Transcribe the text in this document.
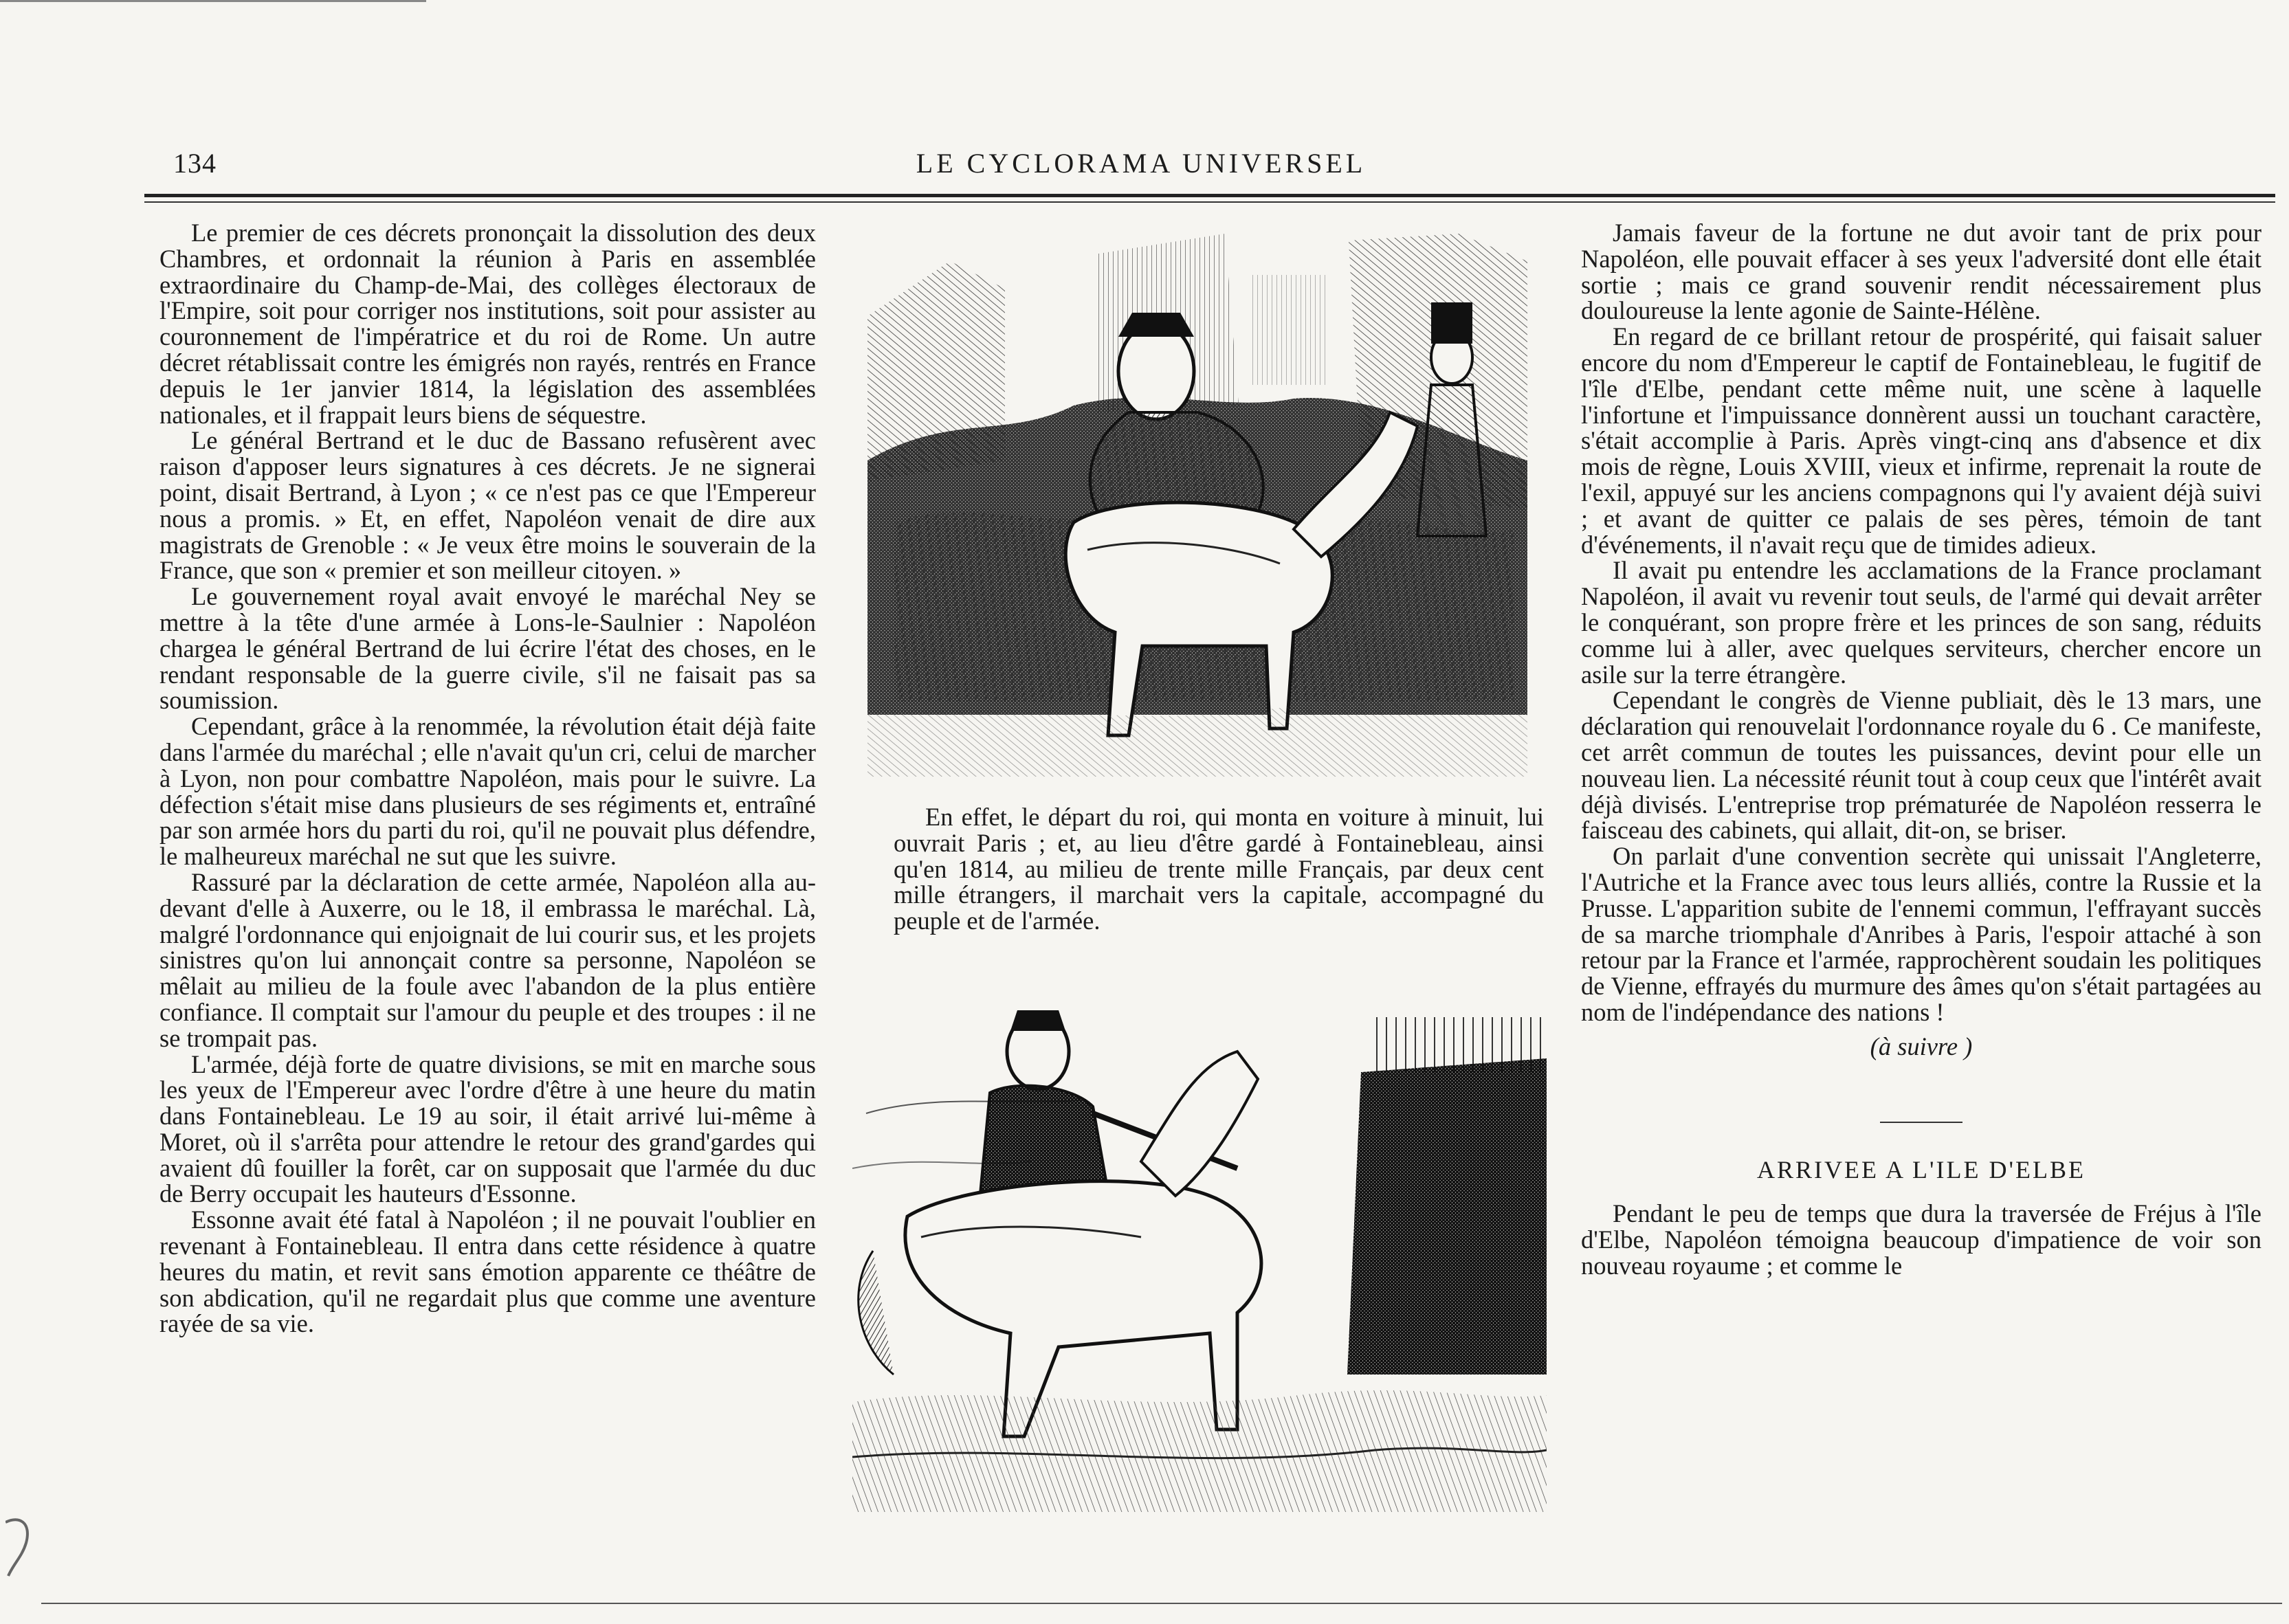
134	LE CYCLORAMA UNIVERSEL

Le premier de ces décrets prononçait la dissolution des deux Chambres, et ordonnait la réunion à Paris en assemblée extraordinaire du Champ-de-Mai, des collèges électoraux de l'Empire, soit pour corriger nos institutions, soit pour assister au couronnement de l'impératrice et du roi de Rome. Un autre décret rétablissait contre les émigrés non rayés, rentrés en France depuis le 1er janvier 1814, la législation des assemblées nationales, et il frappait leurs biens de séquestre.

Le général Bertrand et le duc de Bassano refusèrent avec raison d'apposer leurs signatures à ces décrets. Je ne signerai point, disait Bertrand, à Lyon ; « ce n'est pas ce que l'Empereur nous a promis. » Et, en effet, Napoléon venait de dire aux magistrats de Grenoble : « Je veux être moins le souverain de la France, que son « premier et son meilleur citoyen. »

Le gouvernement royal avait envoyé le maréchal Ney se mettre à la tête d'une armée à Lons-le-Saulnier : Napoléon chargea le général Bertrand de lui écrire l'état des choses, en le rendant responsable de la guerre civile, s'il ne faisait pas sa soumission.

Cependant, grâce à la renommée, la révolution était déjà faite dans l'armée du maréchal ; elle n'avait qu'un cri, celui de marcher à Lyon, non pour combattre Napoléon, mais pour le suivre. La défection s'était mise dans plusieurs de ses régiments et, entraîné par son armée hors du parti du roi, qu'il ne pouvait plus défendre, le malheureux maréchal ne sut que les suivre.

Rassuré par la déclaration de cette armée, Napoléon alla au-devant d'elle à Auxerre, ou le 18, il embrassa le maréchal. Là, malgré l'ordonnance qui enjoignait de lui courir sus, et les projets sinistres qu'on lui annonçait contre sa personne, Napoléon se mêlait au milieu de la foule avec l'abandon de la plus entière confiance. Il comptait sur l'amour du peuple et des troupes : il ne se trompait pas.

L'armée, déjà forte de quatre divisions, se mit en marche sous les yeux de l'Empereur avec l'ordre d'être à une heure du matin dans Fontainebleau. Le 19 au soir, il était arrivé lui-même à Moret, où il s'arrêta pour attendre le retour des grand'gardes qui avaient dû fouiller la forêt, car on supposait que l'armée du duc de Berry occupait les hauteurs d'Essonne.

Essonne avait été fatal à Napoléon ; il ne pouvait l'oublier en revenant à Fontainebleau. Il entra dans cette résidence à quatre heures du matin, et revit sans émotion apparente ce théâtre de son abdication, qu'il ne regardait plus que comme une aventure rayée de sa vie.

En effet, le départ du roi, qui monta en voiture à minuit, lui ouvrait Paris ; et, au lieu d'être gardé à Fontainebleau, ainsi qu'en 1814, au milieu de trente mille Français, par deux cent mille étrangers, il marchait vers la capitale, accompagné du peuple et de l'armée.

Jamais faveur de la fortune ne dut avoir tant de prix pour Napoléon, elle pouvait effacer à ses yeux l'adversité dont elle était sortie ; mais ce grand souvenir rendit nécessairement plus douloureuse la lente agonie de Sainte-Hélène.

En regard de ce brillant retour de prospérité, qui faisait saluer encore du nom d'Empereur le captif de Fontainebleau, le fugitif de l'île d'Elbe, pendant cette même nuit, une scène à laquelle l'infortune et l'impuissance donnèrent aussi un touchant caractère, s'était accomplie à Paris. Après vingt-cinq ans d'absence et dix mois de règne, Louis XVIII, vieux et infirme, reprenait la route de l'exil, appuyé sur les anciens compagnons qui l'y avaient déjà suivi ; et avant de quitter ce palais de ses pères, témoin de tant d'événements, il n'avait reçu que de timides adieux.

Il avait pu entendre les acclamations de la France proclamant Napoléon, il avait vu revenir tout seuls, de l'armé qui devait arrêter le conquérant, son propre frère et les princes de son sang, réduits comme lui à aller, avec quelques serviteurs, chercher encore un asile sur la terre étrangère.

Cependant le congrès de Vienne publiait, dès le 13 mars, une déclaration qui renouvelait l'ordonnance royale du 6 . Ce manifeste, cet arrêt commun de toutes les puissances, devint pour elle un nouveau lien. La nécessité réunit tout à coup ceux que l'intérêt avait déjà divisés. L'entreprise trop prématurée de Napoléon resserra le faisceau des cabinets, qui allait, dit-on, se briser.

On parlait d'une convention secrète qui unissait l'Angleterre, l'Autriche et la France avec tous leurs alliés, contre la Russie et la Prusse. L'apparition subite de l'ennemi commun, l'effrayant succès de sa marche triomphale d'Anribes à Paris, l'espoir attaché à son retour par la France et l'armée, rapprochèrent soudain les politiques de Vienne, effrayés du murmure des âmes qu'on s'était partagées au nom de l'indépendance des nations !

(à suivre )
ARRIVEE A L'ILE D'ELBE

Pendant le peu de temps que dura la traversée de Fréjus à l'île d'Elbe, Napoléon témoigna beaucoup d'impatience de voir son nouveau royaume ; et comme le
